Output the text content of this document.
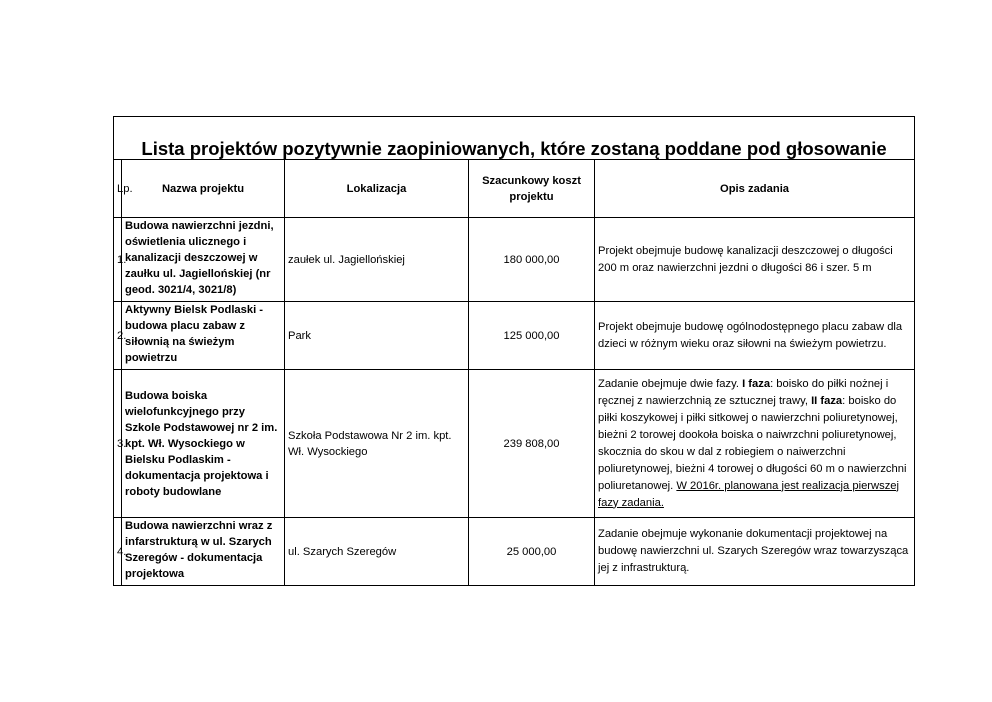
Lista projektów pozytywnie zaopiniowanych, które zostaną poddane pod głosowanie				
Lp.	Nazwa projektu	Lokalizacja	Szacunkowy koszt projektu	Opis zadania
1.	Budowa nawierzchni jezdni, oświetlenia ulicznego i kanalizacji deszczowej w zaułku ul. Jagiellońskiej (nr geod. 3021/4, 3021/8)	zaułek ul. Jagiellońskiej	180 000,00	Projekt obejmuje budowę kanalizacji deszczowej o długości 200 m oraz nawierzchni jezdni o długości 86 i szer. 5 m
2.	Aktywny Bielsk Podlaski - budowa placu zabaw z siłownią na świeżym powietrzu	Park	125 000,00	Projekt obejmuje budowę ogólnodostępnego placu zabaw dla dzieci w różnym wieku oraz siłowni na świeżym powietrzu.
3.	Budowa boiska wielofunkcyjnego przy Szkole Podstawowej nr 2 im. kpt. Wł. Wysockiego w Bielsku Podlaskim - dokumentacja projektowa i roboty budowlane	Szkoła Podstawowa Nr 2 im. kpt. Wł. Wysockiego	239 808,00	Zadanie obejmuje dwie fazy. I faza: boisko do piłki nożnej i ręcznej z nawierzchnią ze sztucznej trawy, II faza: boisko do piłki koszykowej i piłki sitkowej o nawierzchni poliuretynowej, bieżni 2 torowej dookoła boiska o naiwrzchni poliuretynowej, skocznia do skou w dal z robiegiem o naiwerzchni poliuretynowej, bieżni 4 torowej o długości 60 m o nawierzchni poliuretanowej. W 2016r. planowana jest realizacja pierwszej fazy zadania.
4.	Budowa nawierzchni wraz z infarstrukturą w ul. Szarych Szeregów - dokumentacja projektowa	ul. Szarych Szeregów	25 000,00	Zadanie obejmuje wykonanie dokumentacji projektowej na budowę nawierzchni ul. Szarych Szeregów wraz towarzysząca jej z infrastrukturą.
